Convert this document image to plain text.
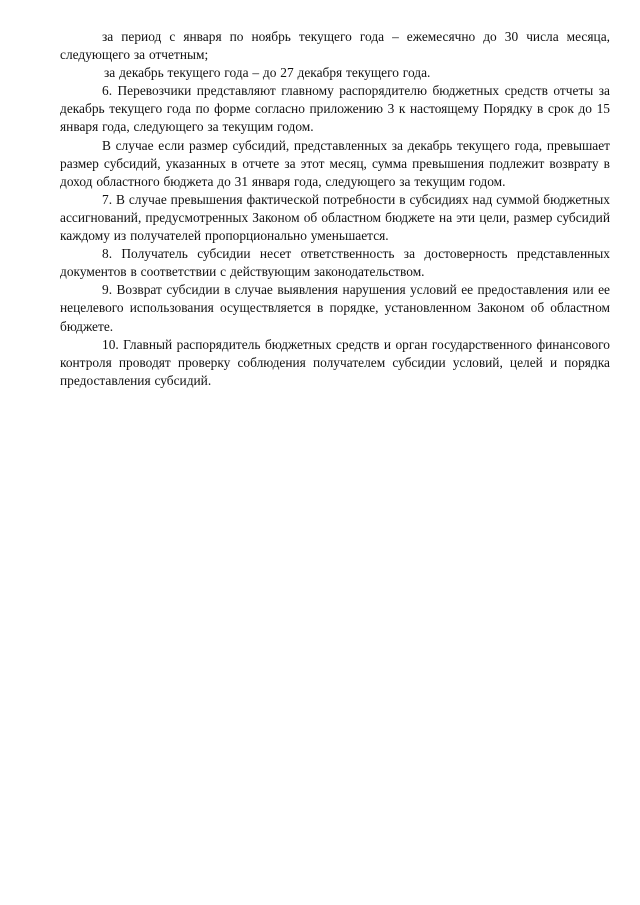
за период с января по ноябрь текущего года – ежемесячно до 30 числа месяца, следующего за отчетным;

за декабрь текущего года – до 27 декабря текущего года.

6. Перевозчики представляют главному распорядителю бюджетных средств отчеты за декабрь текущего года по форме согласно приложению 3 к настоящему Порядку в срок до 15 января года, следующего за текущим годом.

В случае если размер субсидий, представленных за декабрь текущего года, превышает размер субсидий, указанных в отчете за этот месяц, сумма превышения подлежит возврату в доход областного бюджета до 31 января года, следующего за текущим годом.

7. В случае превышения фактической потребности в субсидиях над суммой бюджетных ассигнований, предусмотренных Законом об областном бюджете на эти цели, размер субсидий каждому из получателей пропорционально уменьшается.

8. Получатель субсидии несет ответственность за достоверность представленных документов в соответствии с действующим законодательством.

9. Возврат субсидии в случае выявления нарушения условий ее предоставления или ее нецелевого использования осуществляется в порядке, установленном Законом об областном бюджете.

10. Главный распорядитель бюджетных средств и орган государственного финансового контроля проводят проверку соблюдения получателем субсидии условий, целей и порядка предоставления субсидий.
